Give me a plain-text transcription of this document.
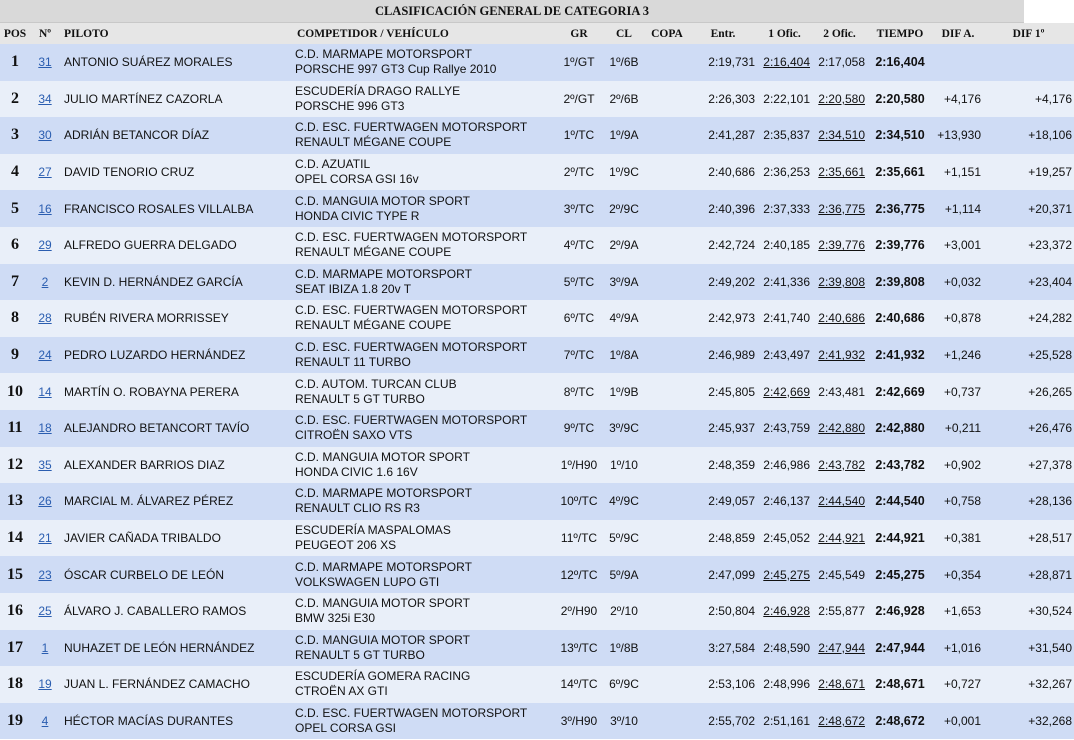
CLASIFICACIÓN GENERAL DE CATEGORIA 3
POS	Nº	PILOTO	COMPETIDOR / VEHÍCULO	GR	CL	COPA	Entr.	1 Ofic.	2 Ofic.	TIEMPO	DIF A.	DIF 1º
1	31	ANTONIO SUÁREZ MORALES	C.D. MARMAPE MOTORSPORT
PORSCHE 997 GT3 Cup Rallye 2010	1º/GT	1º/6B		2:19,731	2:16,404	2:17,058	2:16,404		
2	34	JULIO MARTÍNEZ CAZORLA	ESCUDERÍA DRAGO RALLYE
PORSCHE 996 GT3	2º/GT	2º/6B		2:26,303	2:22,101	2:20,580	2:20,580	+4,176	+4,176
3	30	ADRIÁN BETANCOR DÍAZ	C.D. ESC. FUERTWAGEN MOTORSPORT
RENAULT MÉGANE COUPE	1º/TC	1º/9A		2:41,287	2:35,837	2:34,510	2:34,510	+13,930	+18,106
4	27	DAVID TENORIO CRUZ	C.D. AZUATIL
OPEL CORSA GSI 16v	2º/TC	1º/9C		2:40,686	2:36,253	2:35,661	2:35,661	+1,151	+19,257
5	16	FRANCISCO ROSALES VILLALBA	C.D. MANGUIA MOTOR SPORT
HONDA CIVIC TYPE R	3º/TC	2º/9C		2:40,396	2:37,333	2:36,775	2:36,775	+1,114	+20,371
6	29	ALFREDO GUERRA DELGADO	C.D. ESC. FUERTWAGEN MOTORSPORT
RENAULT MÉGANE COUPE	4º/TC	2º/9A		2:42,724	2:40,185	2:39,776	2:39,776	+3,001	+23,372
7	2	KEVIN D. HERNÁNDEZ GARCÍA	C.D. MARMAPE MOTORSPORT
SEAT IBIZA 1.8 20v T	5º/TC	3º/9A		2:49,202	2:41,336	2:39,808	2:39,808	+0,032	+23,404
8	28	RUBÉN RIVERA MORRISSEY	C.D. ESC. FUERTWAGEN MOTORSPORT
RENAULT MÉGANE COUPE	6º/TC	4º/9A		2:42,973	2:41,740	2:40,686	2:40,686	+0,878	+24,282
9	24	PEDRO LUZARDO HERNÁNDEZ	C.D. ESC. FUERTWAGEN MOTORSPORT
RENAULT 11 TURBO	7º/TC	1º/8A		2:46,989	2:43,497	2:41,932	2:41,932	+1,246	+25,528
10	14	MARTÍN O. ROBAYNA PERERA	C.D. AUTOM. TURCAN CLUB
RENAULT 5 GT TURBO	8º/TC	1º/9B		2:45,805	2:42,669	2:43,481	2:42,669	+0,737	+26,265
11	18	ALEJANDRO BETANCORT TAVÍO	C.D. ESC. FUERTWAGEN MOTORSPORT
CITROËN SAXO VTS	9º/TC	3º/9C		2:45,937	2:43,759	2:42,880	2:42,880	+0,211	+26,476
12	35	ALEXANDER BARRIOS DIAZ	C.D. MANGUIA MOTOR SPORT
HONDA CIVIC 1.6 16V	1º/H90	1º/10		2:48,359	2:46,986	2:43,782	2:43,782	+0,902	+27,378
13	26	MARCIAL M. ÁLVAREZ PÉREZ	C.D. MARMAPE MOTORSPORT
RENAULT CLIO RS R3	10º/TC	4º/9C		2:49,057	2:46,137	2:44,540	2:44,540	+0,758	+28,136
14	21	JAVIER CAÑADA TRIBALDO	ESCUDERÍA MASPALOMAS
PEUGEOT 206 XS	11º/TC	5º/9C		2:48,859	2:45,052	2:44,921	2:44,921	+0,381	+28,517
15	23	ÓSCAR CURBELO DE LEÓN	C.D. MARMAPE MOTORSPORT
VOLKSWAGEN LUPO GTI	12º/TC	5º/9A		2:47,099	2:45,275	2:45,549	2:45,275	+0,354	+28,871
16	25	ÁLVARO J. CABALLERO RAMOS	C.D. MANGUIA MOTOR SPORT
BMW 325i E30	2º/H90	2º/10		2:50,804	2:46,928	2:55,877	2:46,928	+1,653	+30,524
17	1	NUHAZET DE LEÓN HERNÁNDEZ	C.D. MANGUIA MOTOR SPORT
RENAULT 5 GT TURBO	13º/TC	1º/8B		3:27,584	2:48,590	2:47,944	2:47,944	+1,016	+31,540
18	19	JUAN L. FERNÁNDEZ CAMACHO	ESCUDERÍA GOMERA RACING
CTROËN AX GTI	14º/TC	6º/9C		2:53,106	2:48,996	2:48,671	2:48,671	+0,727	+32,267
19	4	HÉCTOR MACÍAS DURANTES	C.D. ESC. FUERTWAGEN MOTORSPORT
OPEL CORSA GSI	3º/H90	3º/10		2:55,702	2:51,161	2:48,672	2:48,672	+0,001	+32,268
